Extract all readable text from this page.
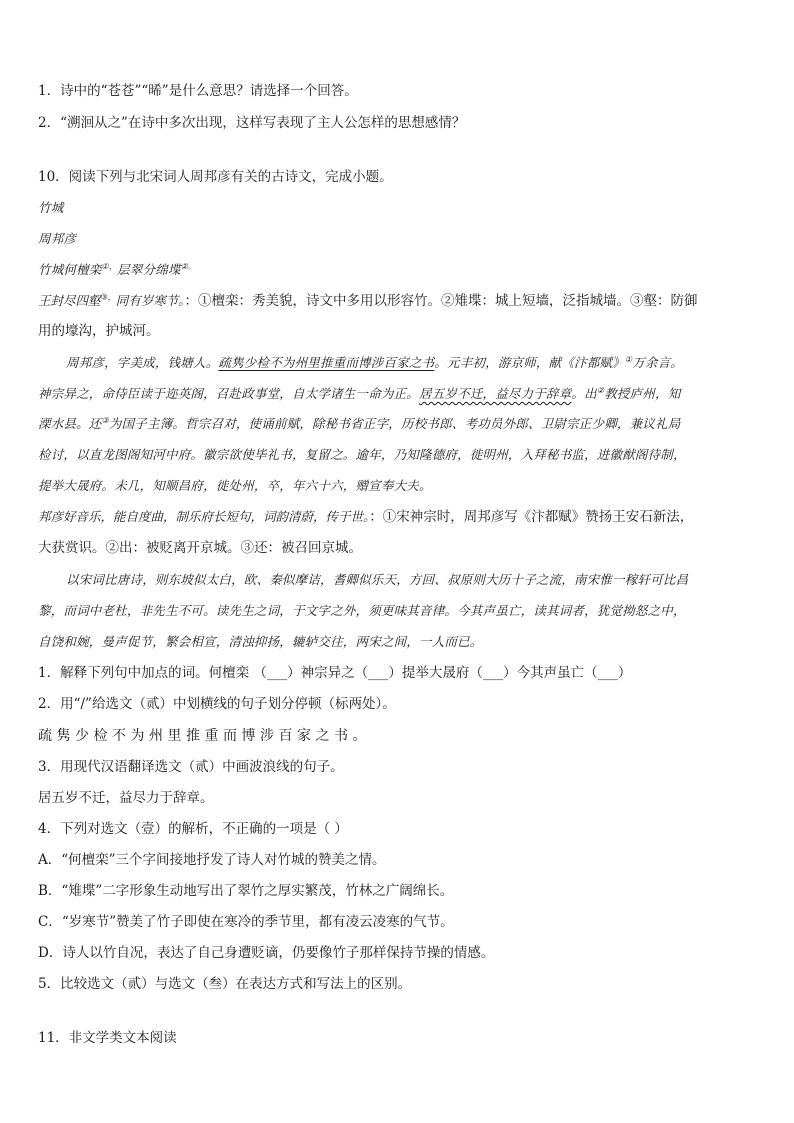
1．诗中的“苍苍”“晞”是什么意思？请选择一个回答。
2．“溯洄从之”在诗中多次出现，这样写表现了主人公怎样的思想感情？
10．阅读下列与北宋词人周邦彦有关的古诗文，完成小题。
竹城
周邦彦
竹城何檀栾①，层翠分绵堞②。
王封尽四壑③，同有岁寒节。：①檀栾：秀美貌，诗文中多用以形容竹。②雉堞：城上短墙，泛指城墙。③壑：防御
用的壕沟，护城河。
周邦彦，字美成，钱塘人。疏隽少检不为州里推重而博涉百家之书。元丰初，游京师，献《汴都赋》①万余言。
神宗异之，命侍臣读于迩英阁，召赴政事堂，自太学诸生一命为正。居五岁不迁，益尽力于辞章。出②教授庐州，知
溧水县。还③为国子主簿。哲宗召对，使诵前赋，除秘书省正字，历校书郎、考功员外郎、卫尉宗正少卿，兼议礼局
检讨，以直龙图阁知河中府。徽宗欲使毕礼书，复留之。逾年，乃知隆德府，徙明州，入拜秘书监，进徽猷阁待制，
提举大晟府。未几，知顺昌府，徙处州，卒，年六十六，赠宣奉大夫。
邦彦好音乐，能自度曲，制乐府长短句，词韵清蔚，传于世。：①宋神宗时，周邦彦写《汴都赋》赞扬王安石新法，
大获赏识。②出：被贬离开京城。③还：被召回京城。
以宋词比唐诗，则东坡似太白，欧、秦似摩诘，耆卿似乐天，方回、叔原则大历十子之流，南宋惟一稼轩可比昌
黎，而词中老杜，非先生不可。读先生之词，于文字之外，须更味其音律。今其声虽亡，读其词者，犹觉拗怒之中，
自饶和婉，曼声促节，繁会相宣，清浊抑扬，辘轳交往，两宋之间，一人而已。
1．解释下列句中加点的词。何檀栾 （___）神宗异之（___）提举大晟府（___）今其声虽亡（___）
2．用“/”给选文（贰）中划横线的句子划分停顿（标两处）。
疏隽少检不为州里推重而博涉百家之书。
3．用现代汉语翻译选文（贰）中画波浪线的句子。
居五岁不迁，益尽力于辞章。
4．下列对选文（壹）的解析，不正确的一项是（ ）
A．“何檀栾”三个字间接地抒发了诗人对竹城的赞美之情。
B．“雉堞”二字形象生动地写出了翠竹之厚实繁茂，竹林之广阔绵长。
C．“岁寒节”赞美了竹子即使在寒冷的季节里，都有凌云凌寒的气节。
D．诗人以竹自况，表达了自己身遭贬谪，仍要像竹子那样保持节操的情感。
5．比较选文（贰）与选文（叁）在表达方式和写法上的区别。
11．非文学类文本阅读
